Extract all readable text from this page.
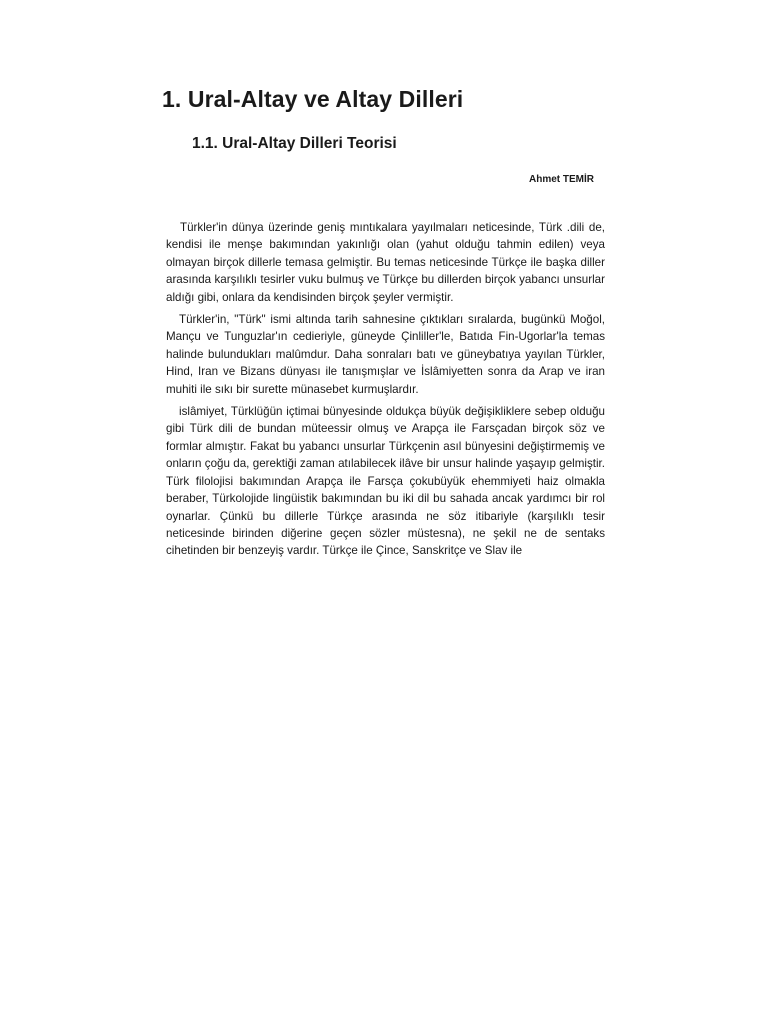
1. Ural-Altay ve Altay Dilleri
1.1. Ural-Altay Dilleri Teorisi

Ahmet TEMİR

Türkler'in dünya üzerinde geniş mıntıkalara yayılmaları neticesinde, Türk .dili de, kendisi ile menşe bakımından yakınlığı olan (yahut olduğu tahmin edilen) veya olmayan birçok dillerle temasa gelmiştir. Bu temas neticesinde Türkçe ile başka diller arasında karşılıklı tesirler vuku bulmuş ve Türkçe bu dillerden birçok yabancı unsurlar aldığı gibi, onlara da kendisinden birçok şeyler vermiştir.

Türkler'in, "Türk" ismi altında tarih sahnesine çıktıkları sıralarda, bugünkü Moğol, Mançu ve Tunguzlar'ın cedieriyle, güneyde Çinliller'le, Batıda Fin-Ugorlar'la temas halinde bulundukları malûmdur. Daha sonraları batı ve güneybatıya yayılan Türkler, Hind, Iran ve Bizans dünyası ile tanışmışlar ve İslâmiyetten sonra da Arap ve iran muhiti ile sıkı bir surette münasebet kurmuşlardır.

islâmiyet, Türklüğün içtimai bünyesinde oldukça büyük değişikliklere sebep olduğu gibi Türk dili de bundan müteessir olmuş ve Arapça ile Farsçadan birçok söz ve formlar almıştır. Fakat bu yabancı unsurlar Türkçenin asıl bünyesini değiştirmemiş ve onların çoğu da, gerektiği zaman atılabilecek ilâve bir unsur halinde yaşayıp gelmiştir. Türk filolojisi bakımından Arapça ile Farsça çokubüyük ehemmiyeti haiz olmakla beraber, Türkolojide lingüistik bakımından bu iki dil bu sahada ancak yardımcı bir rol oynarlar. Çünkü bu dillerle Türkçe arasında ne söz itibariyle (karşılıklı tesir neticesinde birinden diğerine geçen sözler müstesna), ne şekil ne de sentaks cihetinden bir benzeyiş vardır. Türkçe ile Çince, Sanskritçe ve Slav ile
